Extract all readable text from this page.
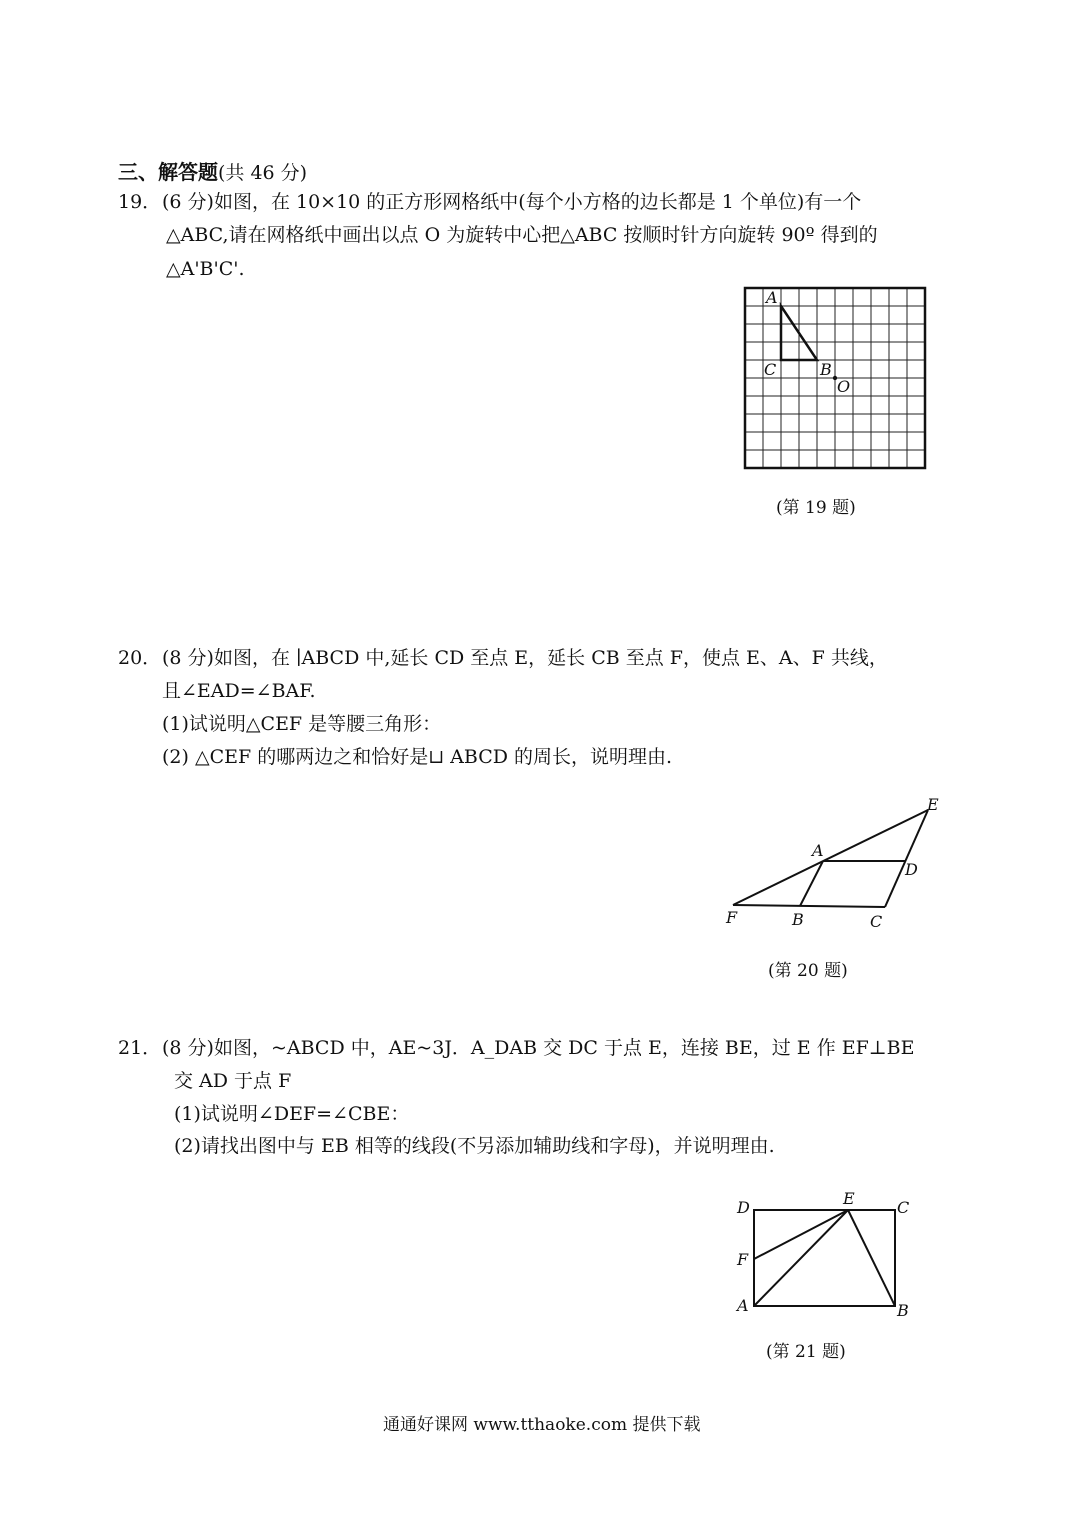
三、解答题(共 46 分)
19． (6 分)如图，在 10×10 的正方形网格纸中(每个小方格的边长都是 1 个单位)有一个
△ABC,请在网格纸中画出以点 O 为旋转中心把△ABC 按顺时针方向旋转 90º 得到的
△A'B'C'.
A
C	B
O
(第 19 题)
20． (8 分)如图，在 ∣ABCD 中,延长 CD 至点 E，延长 CB 至点 F，使点 E、A、F 共线，
且∠EAD=∠BAF.
(1)试说明△CEF 是等腰三角形：
(2) △CEF 的哪两边之和恰好是⊔ ABCD 的周长，说明理由.
E
A
D
F	B	C
(第 20 题)
21． (8 分)如图，~ABCD 中，AE~3J．A_DAB 交 DC 于点 E，连接 BE，过 E 作 EF⊥BE
交 AD 于点 F
(1)试说明∠DEF=∠CBE：
(2)请找出图中与 EB 相等的线段(不另添加辅助线和字母)，并说明理由.
D	E	C
F
A	B
(第 21 题)
通通好课网 www.tthaoke.com 提供下载
